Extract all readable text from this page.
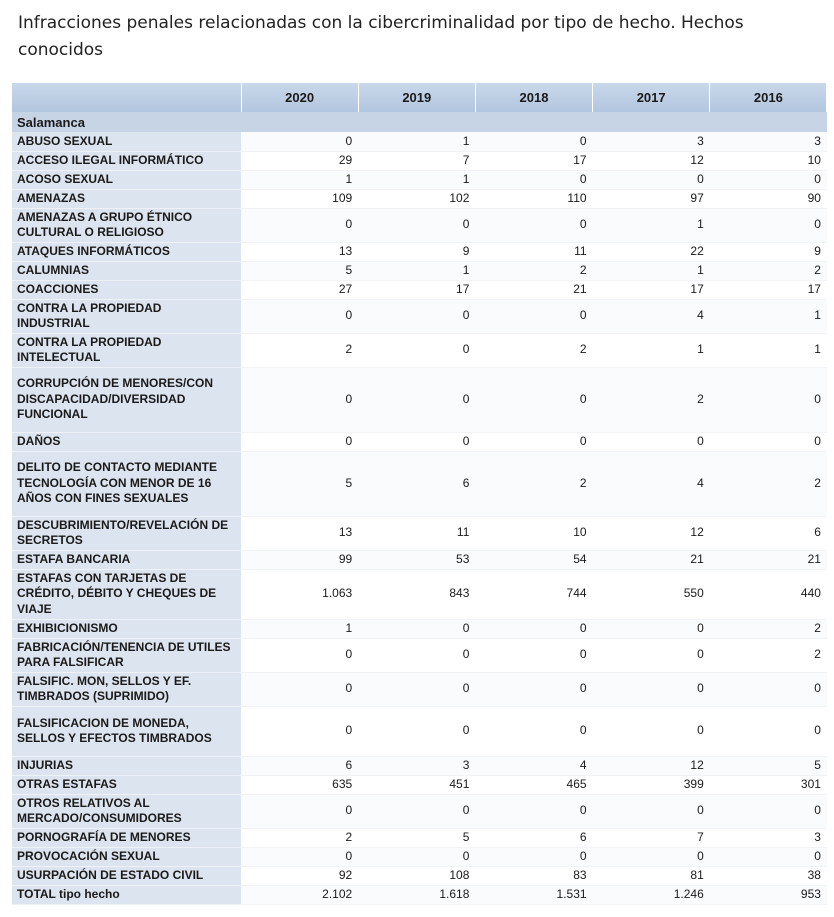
Infracciones penales relacionadas con la cibercriminalidad por tipo de hecho. Hechos conocidos
	2020	2019	2018	2017	2016
Salamanca					
ABUSO SEXUAL	0	1	0	3	3
ACCESO ILEGAL INFORMÁTICO	29	7	17	12	10
ACOSO SEXUAL	1	1	0	0	0
AMENAZAS	109	102	110	97	90
AMENAZAS A GRUPO ÉTNICO CULTURAL O RELIGIOSO	0	0	0	1	0
ATAQUES INFORMÁTICOS	13	9	11	22	9
CALUMNIAS	5	1	2	1	2
COACCIONES	27	17	21	17	17
CONTRA LA PROPIEDAD INDUSTRIAL	0	0	0	4	1
CONTRA LA PROPIEDAD INTELECTUAL	2	0	2	1	1
CORRUPCIÓN DE MENORES/CON DISCAPACIDAD/DIVERSIDAD FUNCIONAL	0	0	0	2	0
DAÑOS	0	0	0	0	0
DELITO DE CONTACTO MEDIANTE TECNOLOGÍA CON MENOR DE 16 AÑOS CON FINES SEXUALES	5	6	2	4	2
DESCUBRIMIENTO/REVELACIÓN DE SECRETOS	13	11	10	12	6
ESTAFA BANCARIA	99	53	54	21	21
ESTAFAS CON TARJETAS DE CRÉDITO, DÉBITO Y CHEQUES DE VIAJE	1.063	843	744	550	440
EXHIBICIONISMO	1	0	0	0	2
FABRICACIÓN/TENENCIA DE UTILES PARA FALSIFICAR	0	0	0	0	2
FALSIFIC. MON, SELLOS Y EF. TIMBRADOS (SUPRIMIDO)	0	0	0	0	0
FALSIFICACION DE MONEDA, SELLOS Y EFECTOS TIMBRADOS	0	0	0	0	0
INJURIAS	6	3	4	12	5
OTRAS ESTAFAS	635	451	465	399	301
OTROS RELATIVOS AL MERCADO/CONSUMIDORES	0	0	0	0	0
PORNOGRAFÍA DE MENORES	2	5	6	7	3
PROVOCACIÓN SEXUAL	0	0	0	0	0
USURPACIÓN DE ESTADO CIVIL	92	108	83	81	38
TOTAL tipo hecho	2.102	1.618	1.531	1.246	953
